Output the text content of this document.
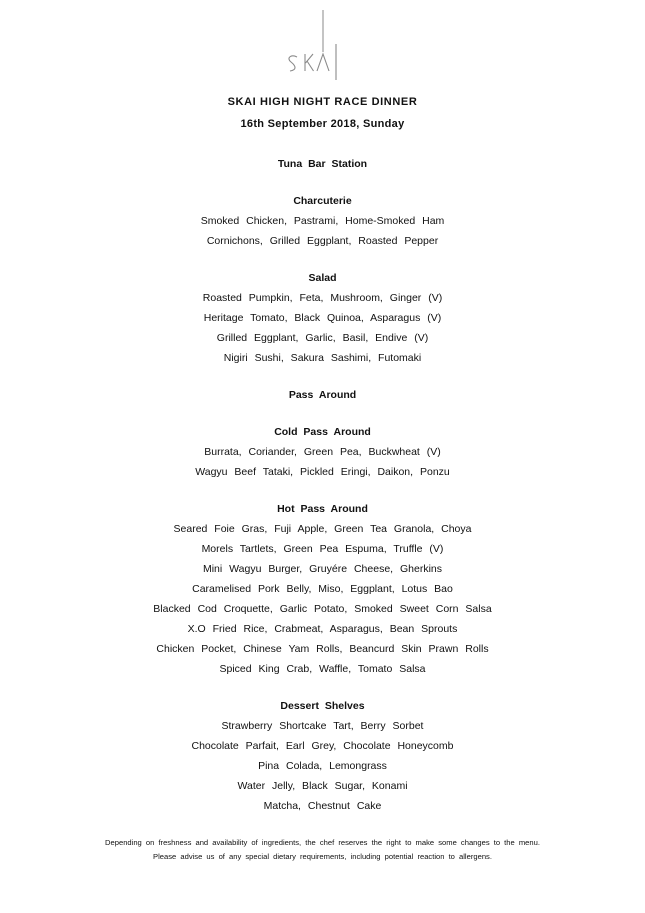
SKAI HIGH NIGHT RACE DINNER
16th September 2018, Sunday
Tuna Bar Station
Charcuterie
Smoked Chicken, Pastrami, Home-Smoked Ham
Cornichons, Grilled Eggplant, Roasted Pepper
Salad
Roasted Pumpkin, Feta, Mushroom, Ginger (V)
Heritage Tomato, Black Quinoa, Asparagus (V)
Grilled Eggplant, Garlic, Basil, Endive (V)
Nigiri Sushi, Sakura Sashimi, Futomaki
Pass Around
Cold Pass Around
Burrata, Coriander, Green Pea, Buckwheat (V)
Wagyu Beef Tataki, Pickled Eringi, Daikon, Ponzu
Hot Pass Around
Seared Foie Gras, Fuji Apple, Green Tea Granola, Choya
Morels Tartlets, Green Pea Espuma, Truffle (V)
Mini Wagyu Burger, Gruyére Cheese, Gherkins
Caramelised Pork Belly, Miso, Eggplant, Lotus Bao
Blacked Cod Croquette, Garlic Potato, Smoked Sweet Corn Salsa
X.O Fried Rice, Crabmeat, Asparagus, Bean Sprouts
Chicken Pocket, Chinese Yam Rolls, Beancurd Skin Prawn Rolls
Spiced King Crab, Waffle, Tomato Salsa
Dessert Shelves
Strawberry Shortcake Tart, Berry Sorbet
Chocolate Parfait, Earl Grey, Chocolate Honeycomb
Pina Colada, Lemongrass
Water Jelly, Black Sugar, Konami
Matcha, Chestnut Cake
Depending on freshness and availability of ingredients, the chef reserves the right to make some changes to the menu.
Please advise us of any special dietary requirements, including potential reaction to allergens.
